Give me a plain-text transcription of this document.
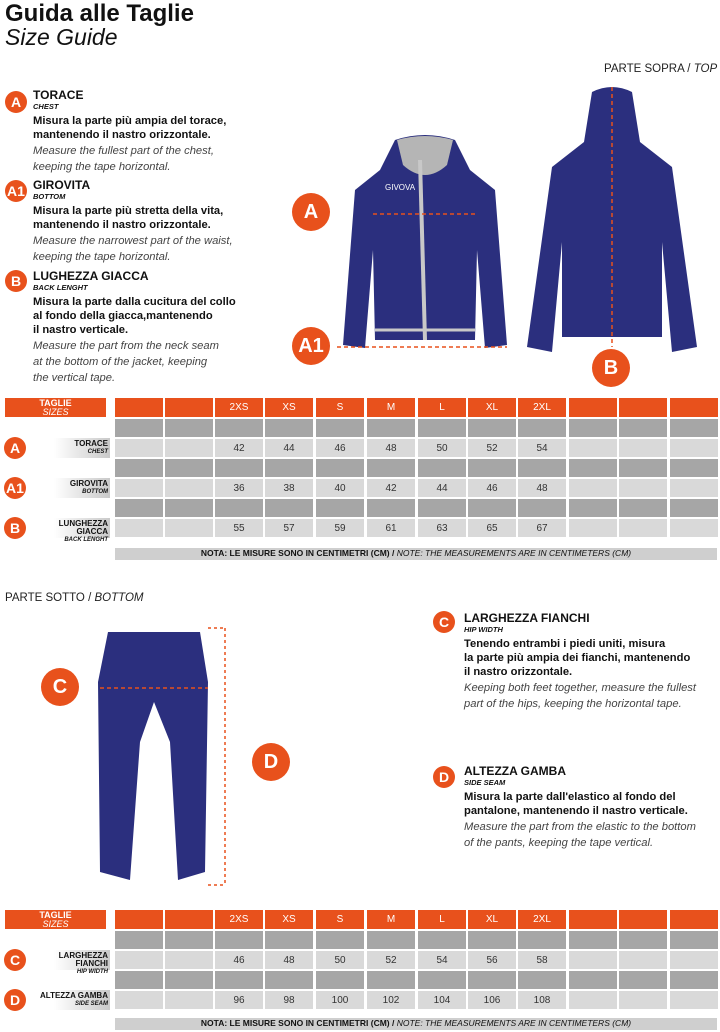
Guida alle Taglie
Size Guide
PARTE SOPRA / TOP
A TORACE
CHEST
Misura la parte più ampia del torace,
mantenendo il nastro orizzontale.
Measure the fullest part of the chest,
keeping the tape horizontal.
A1 GIROVITA
BOTTOM
Misura la parte più stretta della vita,
mantenendo il nastro orizzontale.
Measure the narrowest part of the waist,
keeping the tape horizontal.
B LUGHEZZA GIACCA
BACK LENGHT
Misura la parte dalla cucitura del collo
al fondo della giacca,mantenendo
il nastro verticale.
Measure the part from the neck seam
at the bottom of the jacket, keeping
the vertical tape.
GIVOVA
A
A1
B
TAGLIE
SIZES	2XS	XS	S	M	L	XL	2XL
42	44	46	48	50	52	54
TORACE
CHEST
A
36	38	40	42	44	46	48
GIROVITA
BOTTOM
A1
55	57	59	61	63	65	67
LUNGHEZZA GIACCA
BACK LENGHT
B
NOTA: LE MISURE SONO IN CENTIMETRI (CM) / NOTE: THE MEASUREMENTS ARE IN CENTIMETERS (CM)
PARTE SOTTO / BOTTOM
C
D
C	LARGHEZZA FIANCHI
HIP WIDTH
Tenendo entrambi i piedi uniti, misura
la parte più ampia dei fianchi, mantenendo
il nastro orizzontale.
Keeping both feet together, measure the fullest
part of the hips, keeping the horizontal tape.
D	ALTEZZA GAMBA
SIDE SEAM
Misura la parte dall'elastico al fondo del
pantalone, mantenendo il nastro verticale.
Measure the part from the elastic to the bottom
of the pants, keeping the tape vertical.
TAGLIE
SIZES	2XS	XS	S	M	L	XL	2XL
46	48	50	52	54	56	58
LARGHEZZA FIANCHI
HIP WIDTH
C
96	98	100	102	104	106	108
ALTEZZA GAMBA
SIDE SEAM
D
NOTA: LE MISURE SONO IN CENTIMETRI (CM) / NOTE: THE MEASUREMENTS ARE IN CENTIMETERS (CM)
